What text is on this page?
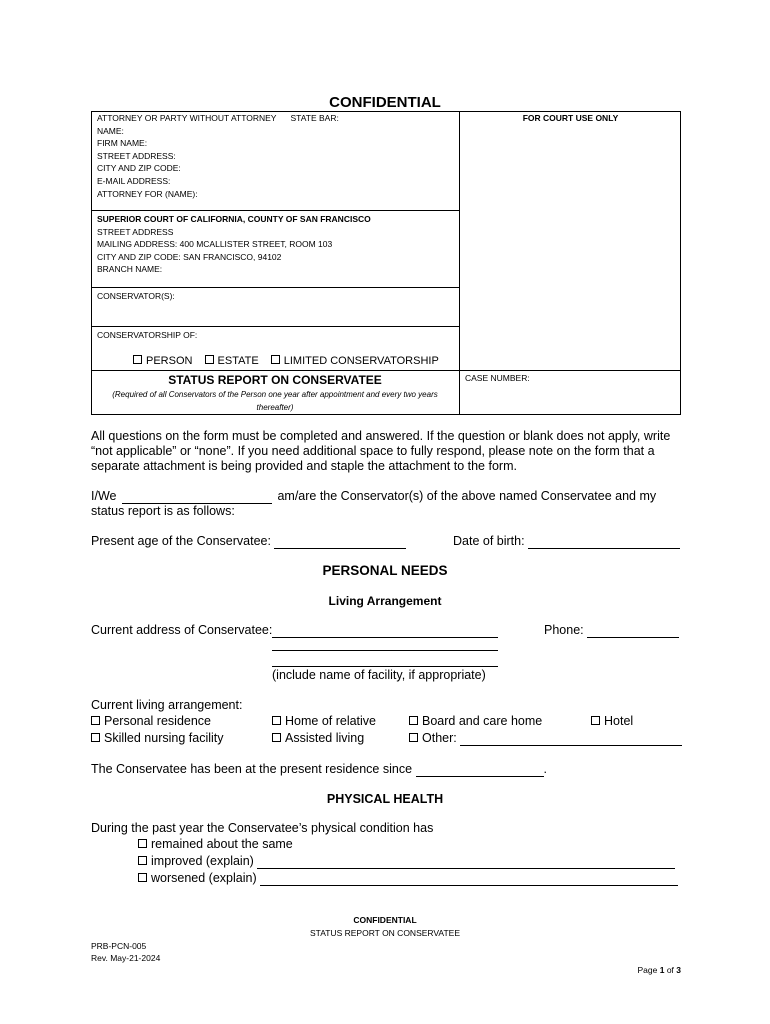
CONFIDENTIAL
ATTORNEY OR PARTY WITHOUT ATTORNEY STATE BAR:
NAME:
FIRM NAME:
STREET ADDRESS:
CITY AND ZIP CODE:
E-MAIL ADDRESS:
ATTORNEY FOR (NAME):
FOR COURT USE ONLY
SUPERIOR COURT OF CALIFORNIA, COUNTY OF SAN FRANCISCO
STREET ADDRESS
MAILING ADDRESS: 400 MCALLISTER STREET, ROOM 103
CITY AND ZIP CODE: SAN FRANCISCO, 94102
BRANCH NAME:
CONSERVATOR(S):
CONSERVATORSHIP OF:
PERSON ESTATE LIMITED CONSERVATORSHIP
STATUS REPORT ON CONSERVATEE
(Required of all Conservators of the Person one year after appointment and every two years thereafter)
CASE NUMBER:
All questions on the form must be completed and answered. If the question or blank does not apply, write “not applicable” or “none”. If you need additional space to fully respond, please note on the form that a separate attachment is being provided and staple the attachment to the form.
I/We	am/are the Conservator(s) of the above named Conservatee and my
status report is as follows:
Present age of the Conservatee:	Date of birth:
PERSONAL NEEDS
Living Arrangement
Current address of Conservatee:	Phone:
(include name of facility, if appropriate)
Current living arrangement:
Personal residence	Home of relative	Board and care home	Hotel
Skilled nursing facility	Assisted living	Other:
The Conservatee has been at the present residence since	.
PHYSICAL HEALTH
During the past year the Conservatee’s physical condition has
remained about the same
improved (explain)
worsened (explain)
CONFIDENTIAL
STATUS REPORT ON CONSERVATEE
PRB-PCN-005
Rev. May-21-2024
Page 1 of 3
